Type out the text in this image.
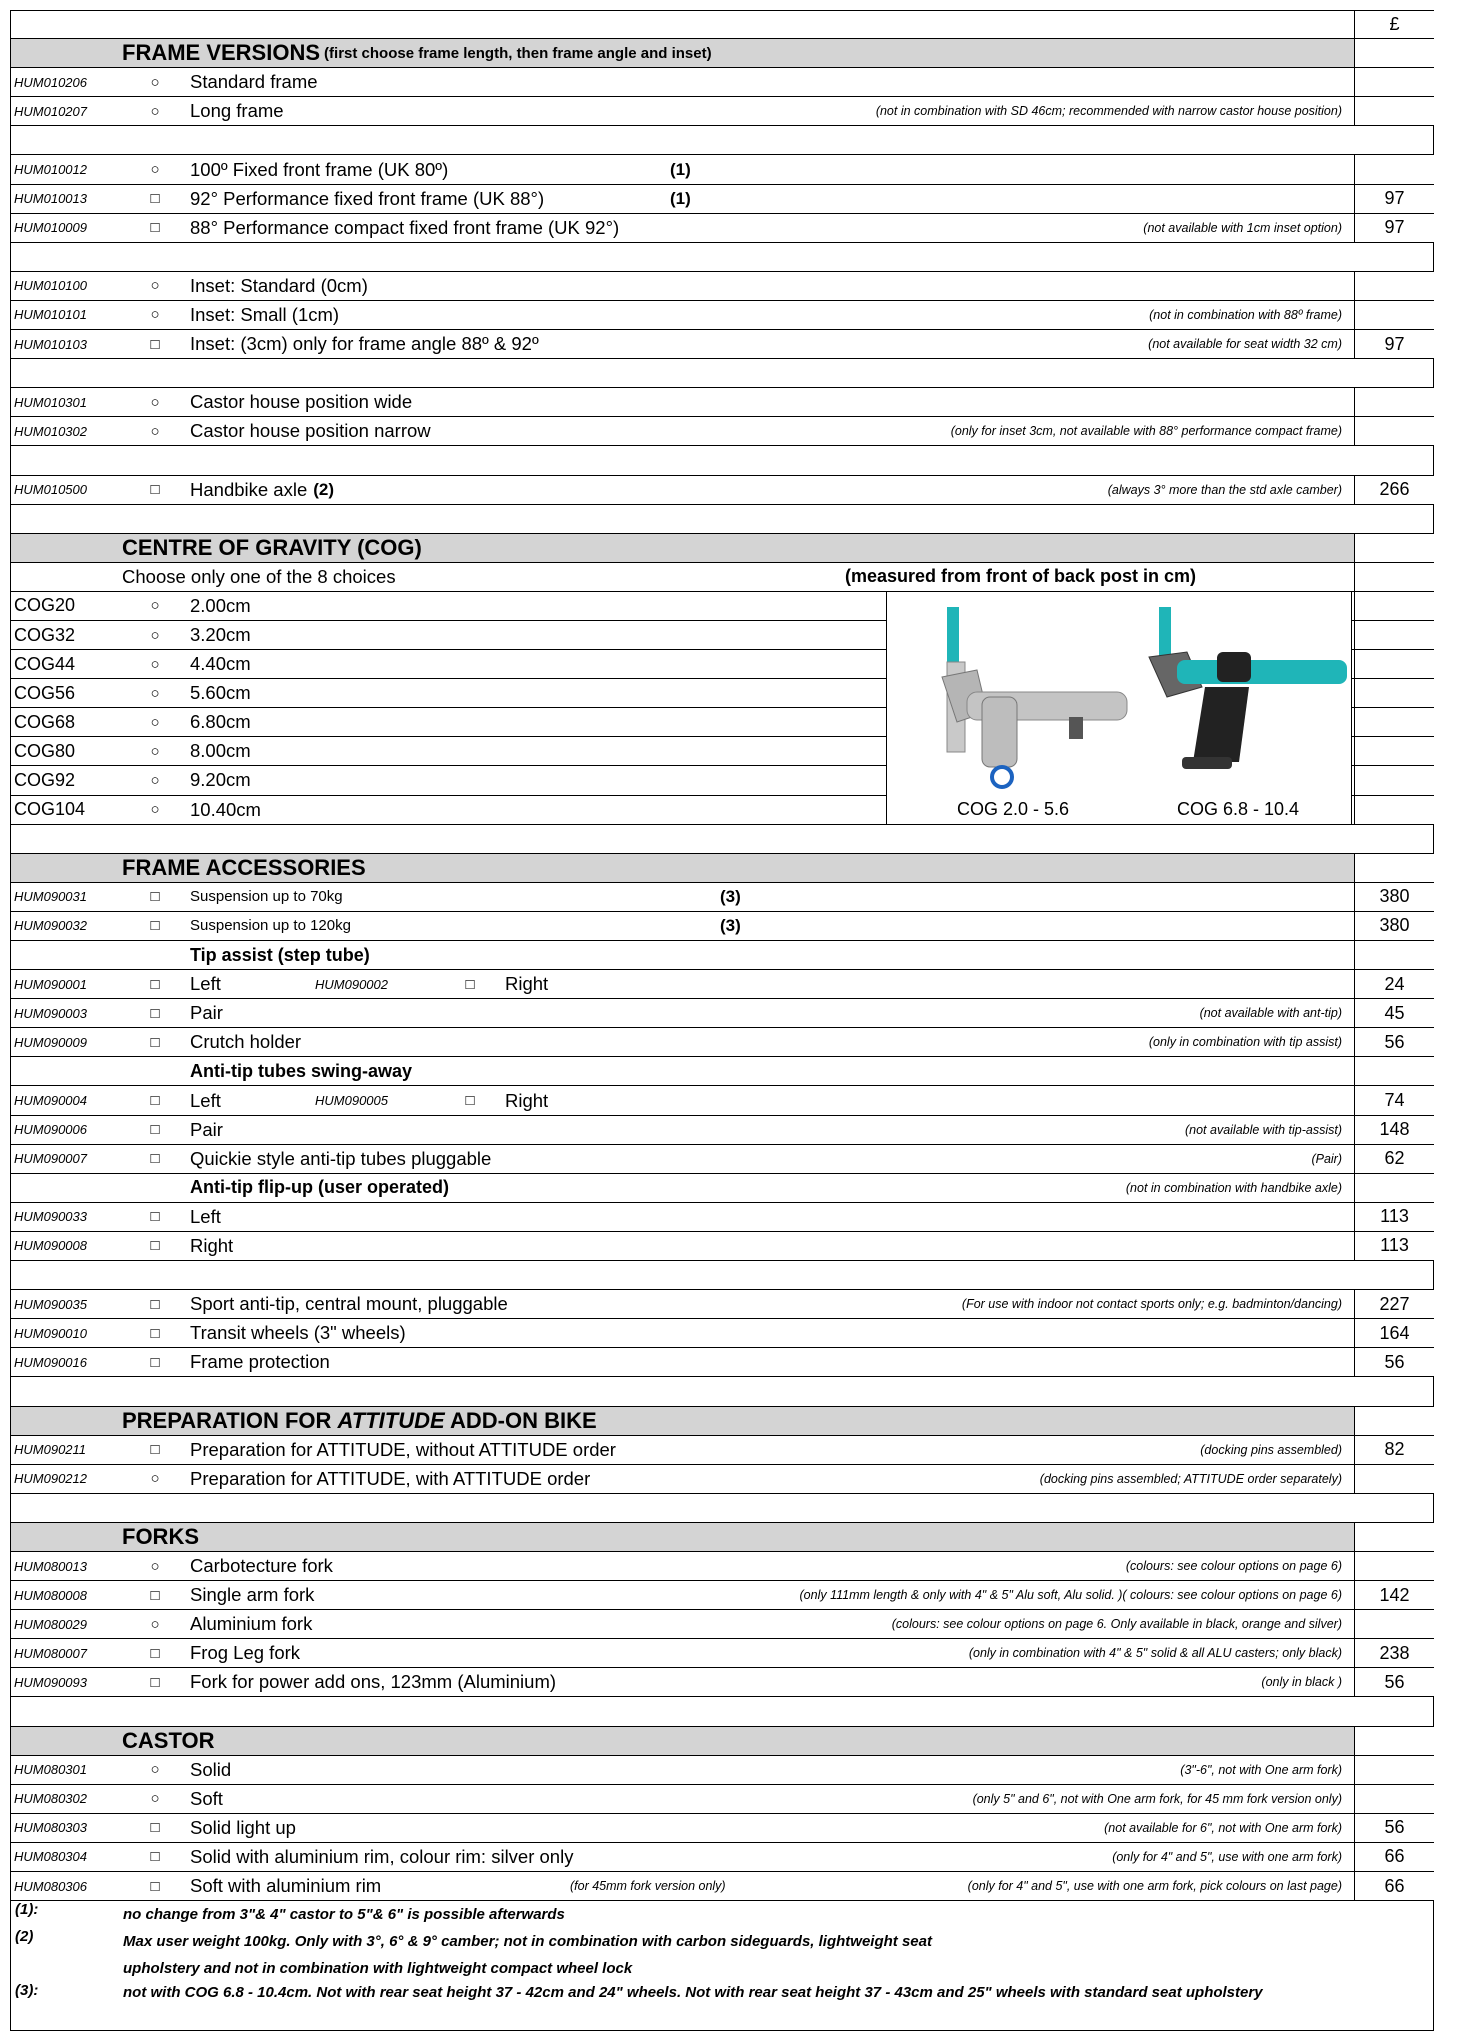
£
FRAME VERSIONS (first choose frame length, then frame angle and inset)
HUM010206	○ Standard frame
HUM010207	○ Long frame	(not in combination with SD 46cm; recommended with narrow castor house position)
HUM010012	○ 100º Fixed front frame (UK 80º)	(1)
HUM010013	□ 92° Performance fixed front frame (UK 88°)	(1)	97
HUM010009	□ 88° Performance compact fixed front frame (UK 92°)	(not available with 1cm inset option)	97
HUM010100	○ Inset: Standard (0cm)
HUM010101	○ Inset: Small (1cm)	(not in combination with 88º frame)
HUM010103	□ Inset: (3cm) only for frame angle 88º & 92º	(not available for seat width 32 cm)	97
HUM010301	○ Castor house position wide
HUM010302	○ Castor house position narrow	(only for inset 3cm, not available with 88° performance compact frame)
HUM010500	□ Handbike axle (2)	(always 3° more than the std axle camber)	266
CENTRE OF GRAVITY (COG)
Choose only one of the 8 choices	(measured from front of back post in cm)
COG20	○ 2.00cm
COG32	○ 3.20cm
COG44	○ 4.40cm
COG56	○ 5.60cm
COG68	○ 6.80cm
COG80	○ 8.00cm
COG92	○ 9.20cm
COG104	○ 10.40cm	COG 2.0 - 5.6	COG 6.8 - 10.4
FRAME ACCESSORIES
HUM090031	□	Suspension up to 70kg	(3)	380
HUM090032	□	Suspension up to 120kg	(3)	380
Tip assist (step tube)
HUM090001	□ Left	HUM090002	□ Right	24
HUM090003	□ Pair	(not available with ant-tip)	45
HUM090009	□ Crutch holder	(only in combination with tip assist)	56
Anti-tip tubes swing-away
HUM090004	□ Left	HUM090005	□ Right	74
HUM090006	□ Pair	(not available with tip-assist)	148
HUM090007	□ Quickie style anti-tip tubes pluggable	(Pair)	62
Anti-tip flip-up (user operated)	(not in combination with handbike axle)
HUM090033	□ Left	113
HUM090008	□ Right	113
HUM090035	□ Sport anti-tip, central mount, pluggable	(For use with indoor not contact sports only; e.g. badminton/dancing)	227
HUM090010	□ Transit wheels (3" wheels)	164
HUM090016	□ Frame protection	56
PREPARATION FOR ATTITUDE ADD-ON BIKE
HUM090211	□ Preparation for ATTITUDE, without ATTITUDE order	(docking pins assembled)	82
HUM090212	○ Preparation for ATTITUDE, with ATTITUDE order	(docking pins assembled; ATTITUDE order separately)
FORKS
HUM080013	○ Carbotecture fork	(colours: see colour options on page 6)
HUM080008	□ Single arm fork	(only 111mm length & only with 4" & 5" Alu soft, Alu solid. )( colours: see colour options on page 6)	142
HUM080029	○ Aluminium fork	(colours: see colour options on page 6. Only available in black, orange and silver)
HUM080007	□ Frog Leg fork	(only in combination with 4" & 5" solid & all ALU casters; only black)	238
HUM090093	□ Fork for power add ons, 123mm (Aluminium)	(only in black )	56
CASTOR
HUM080301	○ Solid	(3"-6", not with One arm fork)
HUM080302	○ Soft	(only 5" and 6", not with One arm fork, for 45 mm fork version only)
HUM080303	□ Solid light up	(not available for 6", not with One arm fork)	56
HUM080304	□ Solid with aluminium rim, colour rim: silver only	(only for 4" and 5", use with one arm fork)	66
HUM080306	□ Soft with aluminium rim	(for 45mm fork version only)	(only for 4" and 5", use with one arm fork, pick colours on last page)	66
(1):	no change from 3"& 4" castor to 5"& 6" is possible afterwards
(2)	Max user weight 100kg. Only with 3°, 6° & 9° camber; not in combination with carbon sideguards, lightweight seat
upholstery and not in combination with lightweight compact wheel lock
(3):	not with COG 6.8 - 10.4cm. Not with rear seat height 37 - 42cm and 24" wheels. Not with rear seat height 37 - 43cm and 25" wheels with standard seat upholstery
